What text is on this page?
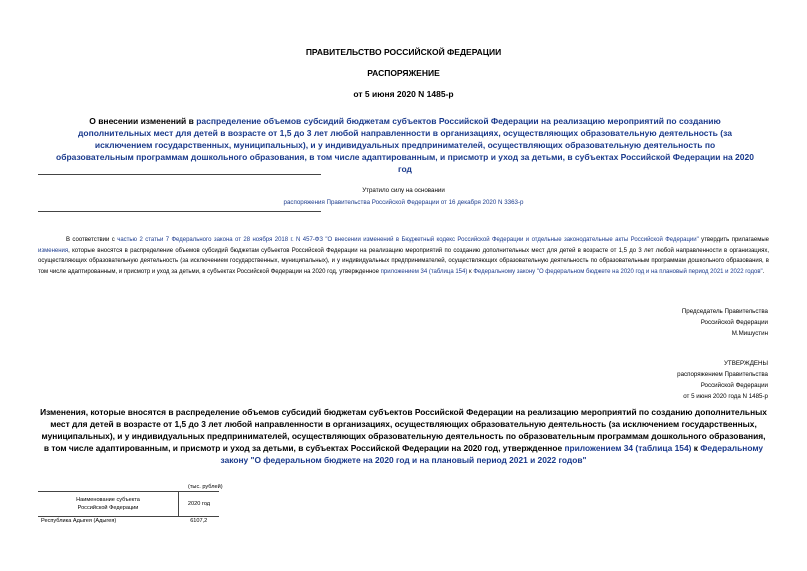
ПРАВИТЕЛЬСТВО РОССИЙСКОЙ ФЕДЕРАЦИИ
РАСПОРЯЖЕНИЕ
от 5 июня 2020 N 1485-р
О внесении изменений в распределение объемов субсидий бюджетам субъектов Российской Федерации на реализацию мероприятий по созданию дополнительных мест для детей в возрасте от 1,5 до 3 лет любой направленности в организациях, осуществляющих образовательную деятельность (за исключением государственных, муниципальных), и у индивидуальных предпринимателей, осуществляющих образовательную деятельность по образовательным программам дошкольного образования, в том числе адаптированным, и присмотр и уход за детьми, в субъектах Российской Федерации на 2020 год
Утратило силу на основании
распоряжения Правительства Российской Федерации от 16 декабря 2020 N 3363-р
В соответствии с частью 2 статьи 7 Федерального закона от 28 ноября 2018 г. N 457-ФЗ "О внесении изменений в Бюджетный кодекс Российской Федерации и отдельные законодательные акты Российской Федерации" утвердить прилагаемые изменения, которые вносятся в распределение объемов субсидий бюджетам субъектов Российской Федерации на реализацию мероприятий по созданию дополнительных мест для детей в возрасте от 1,5 до 3 лет любой направленности в организациях, осуществляющих образовательную деятельность (за исключением государственных, муниципальных), и у индивидуальных предпринимателей, осуществляющих образовательную деятельность по образовательным программам дошкольного образования, в том числе адаптированным, и присмотр и уход за детьми, в субъектах Российской Федерации на 2020 год, утвержденное приложением 34 (таблица 154) к Федеральному закону "О федеральном бюджете на 2020 год и на плановый период 2021 и 2022 годов".
Председатель Правительства
Российской Федерации
М.Мишустин
УТВЕРЖДЕНЫ
распоряжением Правительства
Российской Федерации
от 5 июня 2020 года N 1485-р
Изменения, которые вносятся в распределение объемов субсидий бюджетам субъектов Российской Федерации на реализацию мероприятий по созданию дополнительных мест для детей в возрасте от 1,5 до 3 лет любой направленности в организациях, осуществляющих образовательную деятельность (за исключением государственных, муниципальных), и у индивидуальных предпринимателей, осуществляющих образовательную деятельность по образовательным программам дошкольного образования, в том числе адаптированным, и присмотр и уход за детьми, в субъектах Российской Федерации на 2020 год, утвержденное приложением 34 (таблица 154) к Федеральному закону "О федеральном бюджете на 2020 год и на плановый период 2021 и 2022 годов"
(тыс. рублей)
Наименование субъекта
Российской Федерации	2020 год
Республика Адыгея (Адыгея)	6107,2
